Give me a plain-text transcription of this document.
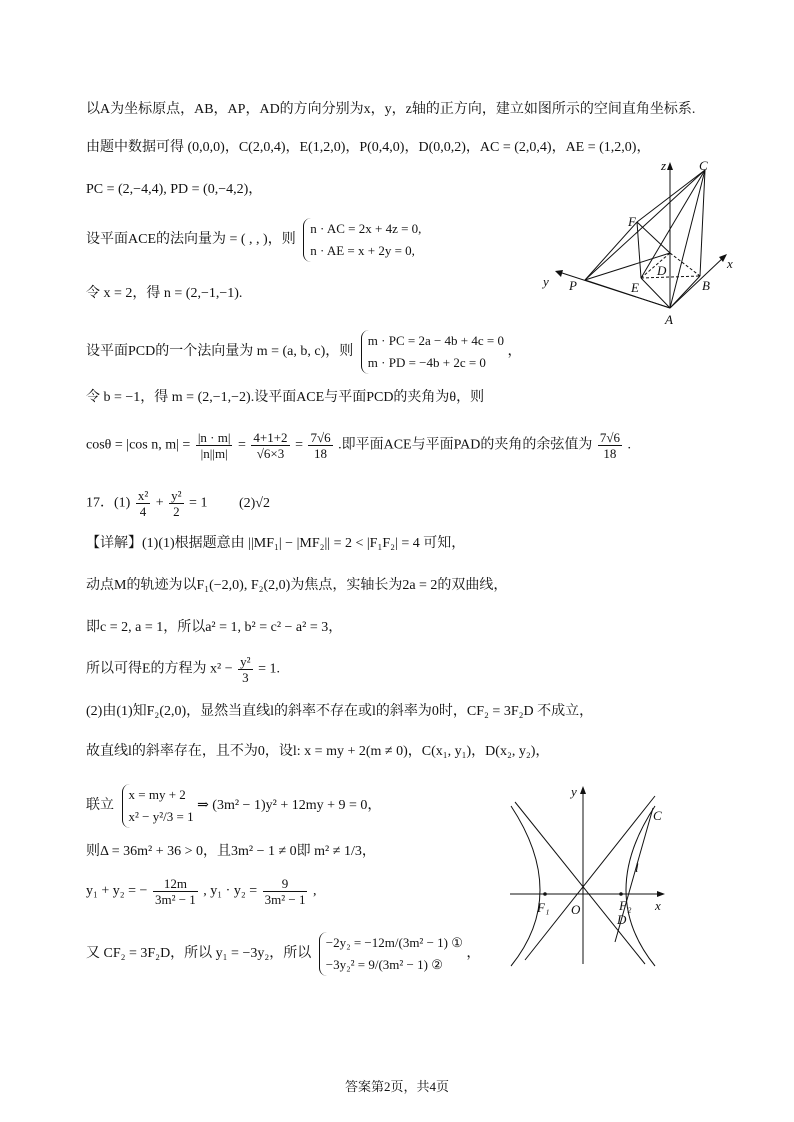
以A为坐标原点，AB，AP，AD的方向分别为x，y，z轴的正方向，建立如图所示的空间直角坐标系.
由题中数据可得 (0,0,0)，C(2,0,4)，E(1,2,0)，P(0,4,0)，D(0,0,2)，AC = (2,0,4)，AE = (1,2,0)，
PC = (2,−4,4), PD = (0,−4,2)，
设平面ACE的法向量为 = ( , , )，则
n · AC = 2x + 4z = 0,
n · AE = x + 2y = 0,
令 x = 2，得 n = (2,−1,−1).
设平面PCD的一个法向量为 m = (a, b, c)，则
m · PC = 2a − 4b + 4c = 0
m · PD = −4b + 2c = 0
，
令 b = −1，得 m = (2,−1,−2).设平面ACE与平面PCD的夹角为θ，则
cosθ = |cos n, $m| = \frac{|n \cdot m|}{|n||m|} = \frac{4+1+2}{√6\times 3} = \frac{7√6}{18}$ .即平面ACE与平面PAD的夹角的余弦值为 $\frac{7√6}{18}$ .
17．$(1) \frac{\text{x²}}{4} + \frac{\text{y²}}{2} = 1$ (2)√2
【详解】(1)(1)根据题意由 ||MF₁| − |MF₂|| = 2 < |F₁F₂| = 4 可知，
动点M的轨迹为以F₁(−2,0), F₂(2,0)为焦点，实轴长为2a = 2的双曲线，
即c = 2, a = 1，所以a² = 1, b² = c² − a² = 3，
所以可得E的方程为 $x^2 - \frac{\text{y²}}{3} = 1$.
(2)由(1)知F₂(2,0)，显然当直线l的斜率不存在或l的斜率为0时，CF₂ = 3F₂D 不成立，
故直线l的斜率存在，且不为0，设l: x = my + 2(m ≠ 0)，C(x₁, y₁)，D(x₂, y₂)，
联立
x = my + 2
x² − y²/3 = 1
⇒ (3m² − 1)y² + 12my + 9 = 0，
则Δ = 36m² + 36 > 0，且3m² − 1 ≠ 0即 m² ≠ 1/3，
y₁ + y₂ = − $\frac{12m}{\text{3m² − 1}}$ , $y_1 \cdot y_2 = \frac{9}{\text{3m² − 1}}$ ,
又 CF₂ = 3F₂D，所以 y₁ = −3y₂，所以
−2y₂ = −12m/(3m² − 1) ①
−3y₂² = 9/(3m² − 1) ②
，
z	C
F
D	x
y P	E	B
A
y
C
l
F₁ O	F₂ x
D
答案第2页，共4页
